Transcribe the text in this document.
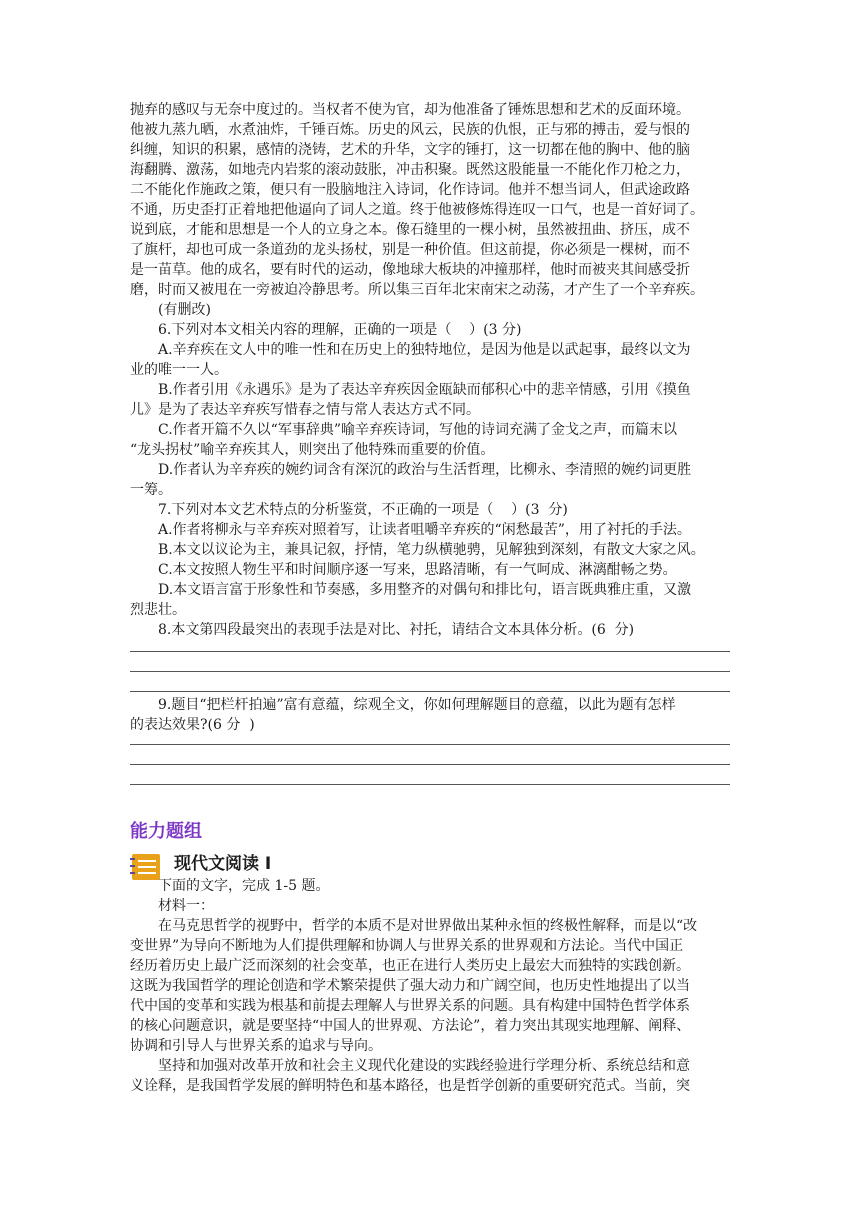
抛弃的感叹与无奈中度过的。当权者不使为官，却为他准备了锤炼思想和艺术的反面环境。

他被九蒸九晒，水煮油炸，千锤百炼。历史的风云，民族的仇恨，正与邪的搏击，爱与恨的

纠缠，知识的积累，感情的浇铸，艺术的升华，文字的锤打，这一切都在他的胸中、他的脑

海翻腾、激荡，如地壳内岩浆的滚动鼓胀，冲击积聚。既然这股能量一不能化作刀枪之力，

二不能化作施政之策，便只有一股脑地注入诗词，化作诗词。他并不想当词人，但武途政路

不通，历史歪打正着地把他逼向了词人之道。终于他被修炼得连叹一口气，也是一首好词了。

说到底，才能和思想是一个人的立身之本。像石缝里的一棵小树，虽然被扭曲、挤压，成不

了旗杆，却也可成一条道劲的龙头扬杖，别是一种价值。但这前提，你必须是一棵树，而不

是一苗草。他的成名，要有时代的运动，像地球大板块的冲撞那样，他时而被夹其间感受折

磨，时而又被甩在一旁被迫冷静思考。所以集三百年北宋南宋之动荡，才产生了一个辛弃疾。

(有删改)

6.下列对本文相关内容的理解，正确的一项是（    ）(3 分)

A.辛弃疾在文人中的唯一性和在历史上的独特地位，是因为他是以武起事，最终以文为

业的唯一一人。

B.作者引用《永遇乐》是为了表达辛弃疾因金瓯缺而郁积心中的悲辛情感，引用《摸鱼

儿》是为了表达辛弃疾写惜春之情与常人表达方式不同。

C.作者开篇不久以“军事辞典”喻辛弃疾诗词，写他的诗词充满了金戈之声，而篇末以

“龙头拐杖”喻辛弃疾其人，则突出了他特殊而重要的价值。

D.作者认为辛弃疾的婉约词含有深沉的政治与生活哲理，比柳永、李清照的婉约词更胜

一筹。

7.下列对本文艺术特点的分析鉴赏，不正确的一项是（    ）(3  分)

A.作者将柳永与辛弃疾对照着写，让读者咀嚼辛弃疾的“闲愁最苦”，用了衬托的手法。

B.本文以议论为主，兼具记叙，抒情，笔力纵横驰骋，见解独到深刻，有散文大家之风。

C.本文按照人物生平和时间顺序逐一写来，思路清晰，有一气呵成、淋漓酣畅之势。

D.本文语言富于形象性和节奏感，多用整齐的对偶句和排比句，语言既典雅庄重，又激

烈悲壮。

8.本文第四段最突出的表现手法是对比、衬托，请结合文本具体分析。(6  分)

9.题目“把栏杆拍遍”富有意蕴，综观全文，你如何理解题目的意蕴，以此为题有怎样

的表达效果?(6 分  )

能力题组
现代文阅读 I

下面的文字，完成 1-5 题。

材料一：

在马克思哲学的视野中，哲学的本质不是对世界做出某种永恒的终极性解释，而是以“改

变世界”为导向不断地为人们提供理解和协调人与世界关系的世界观和方法论。当代中国正

经历着历史上最广泛而深刻的社会变革，也正在进行人类历史上最宏大而独特的实践创新。

这既为我国哲学的理论创造和学术繁荣提供了强大动力和广阔空间，也历史性地提出了以当

代中国的变革和实践为根基和前提去理解人与世界关系的问题。具有构建中国特色哲学体系

的核心问题意识，就是要坚持“中国人的世界观、方法论”，着力突出其现实地理解、阐释、

协调和引导人与世界关系的追求与导向。

坚持和加强对改革开放和社会主义现代化建设的实践经验进行学理分析、系统总结和意

义诠释，是我国哲学发展的鲜明特色和基本路径，也是哲学创新的重要研究范式。当前，突
